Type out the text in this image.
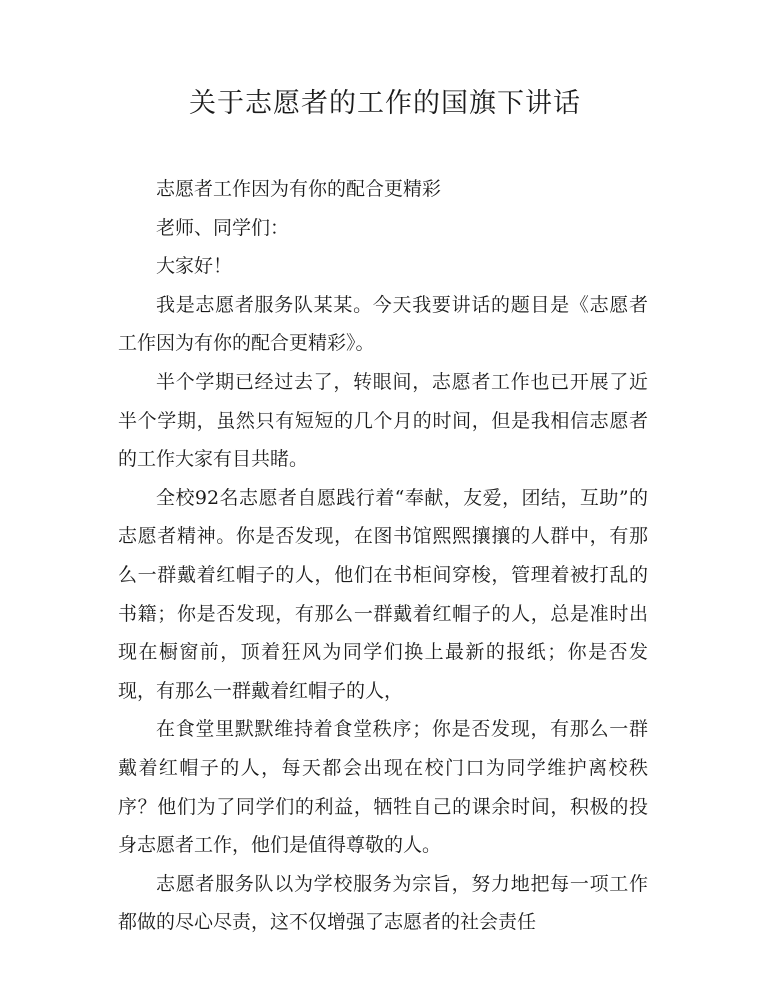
关于志愿者的工作的国旗下讲话

志愿者工作因为有你的配合更精彩

老师、同学们：

大家好！

我是志愿者服务队某某。今天我要讲话的题目是《志愿者工作因为有你的配合更精彩》。

半个学期已经过去了，转眼间，志愿者工作也已开展了近半个学期，虽然只有短短的几个月的时间，但是我相信志愿者的工作大家有目共睹。

全校92名志愿者自愿践行着“奉献，友爱，团结，互助”的志愿者精神。你是否发现，在图书馆熙熙攘攘的人群中，有那么一群戴着红帽子的人，他们在书柜间穿梭，管理着被打乱的书籍；你是否发现，有那么一群戴着红帽子的人，总是准时出现在橱窗前，顶着狂风为同学们换上最新的报纸；你是否发现，有那么一群戴着红帽子的人，

在食堂里默默维持着食堂秩序；你是否发现，有那么一群戴着红帽子的人，每天都会出现在校门口为同学维护离校秩序？他们为了同学们的利益，牺牲自己的课余时间，积极的投身志愿者工作，他们是值得尊敬的人。

志愿者服务队以为学校服务为宗旨，努力地把每一项工作都做的尽心尽责，这不仅增强了志愿者的社会责任
